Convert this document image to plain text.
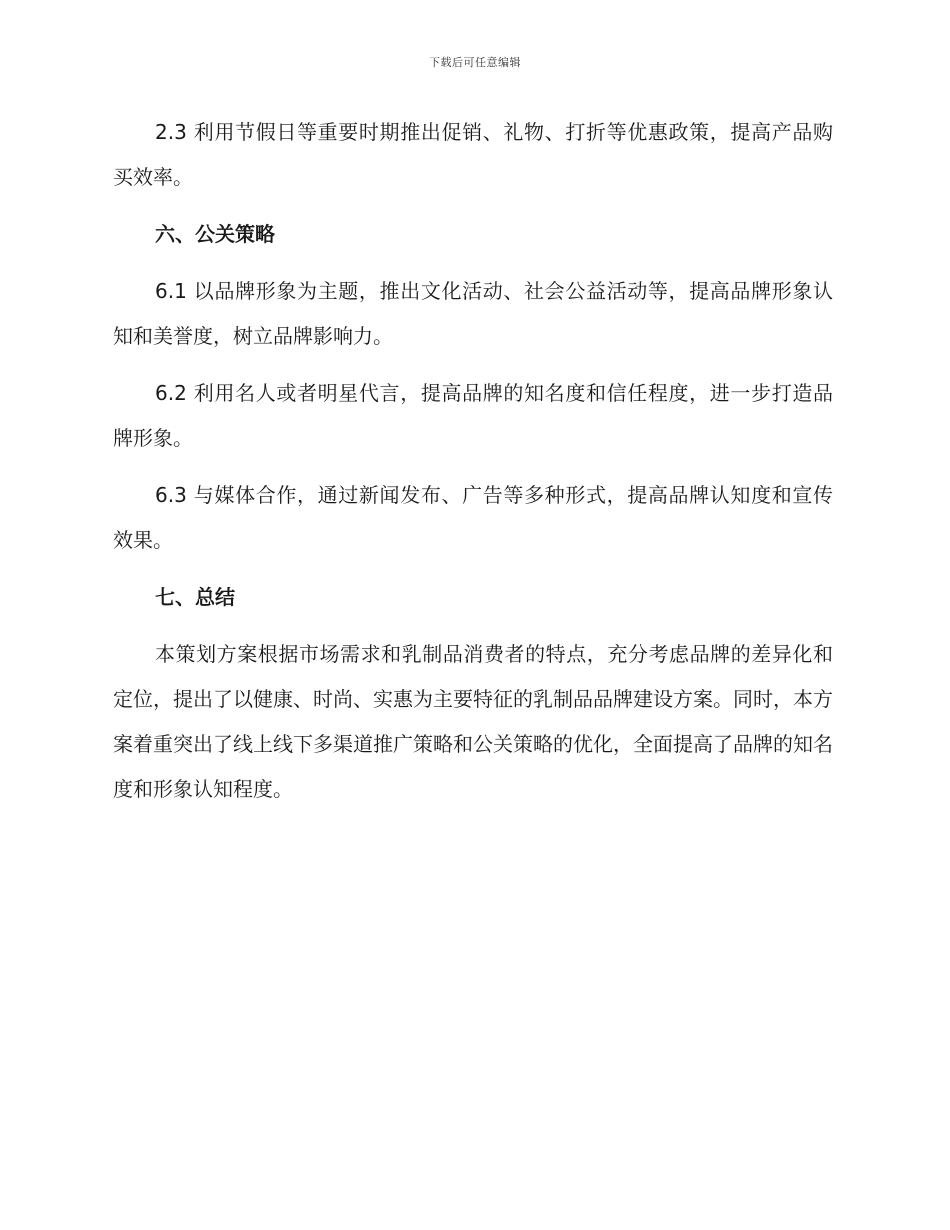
下载后可任意编辑

2.3 利用节假日等重要时期推出促销、礼物、打折等优惠政策，提高产品购买效率。

六、公关策略

6.1 以品牌形象为主题，推出文化活动、社会公益活动等，提高品牌形象认知和美誉度，树立品牌影响力。

6.2 利用名人或者明星代言，提高品牌的知名度和信任程度，进一步打造品牌形象。

6.3 与媒体合作，通过新闻发布、广告等多种形式，提高品牌认知度和宣传效果。

七、总结

本策划方案根据市场需求和乳制品消费者的特点，充分考虑品牌的差异化和定位，提出了以健康、时尚、实惠为主要特征的乳制品品牌建设方案。同时，本方案着重突出了线上线下多渠道推广策略和公关策略的优化，全面提高了品牌的知名度和形象认知程度。
